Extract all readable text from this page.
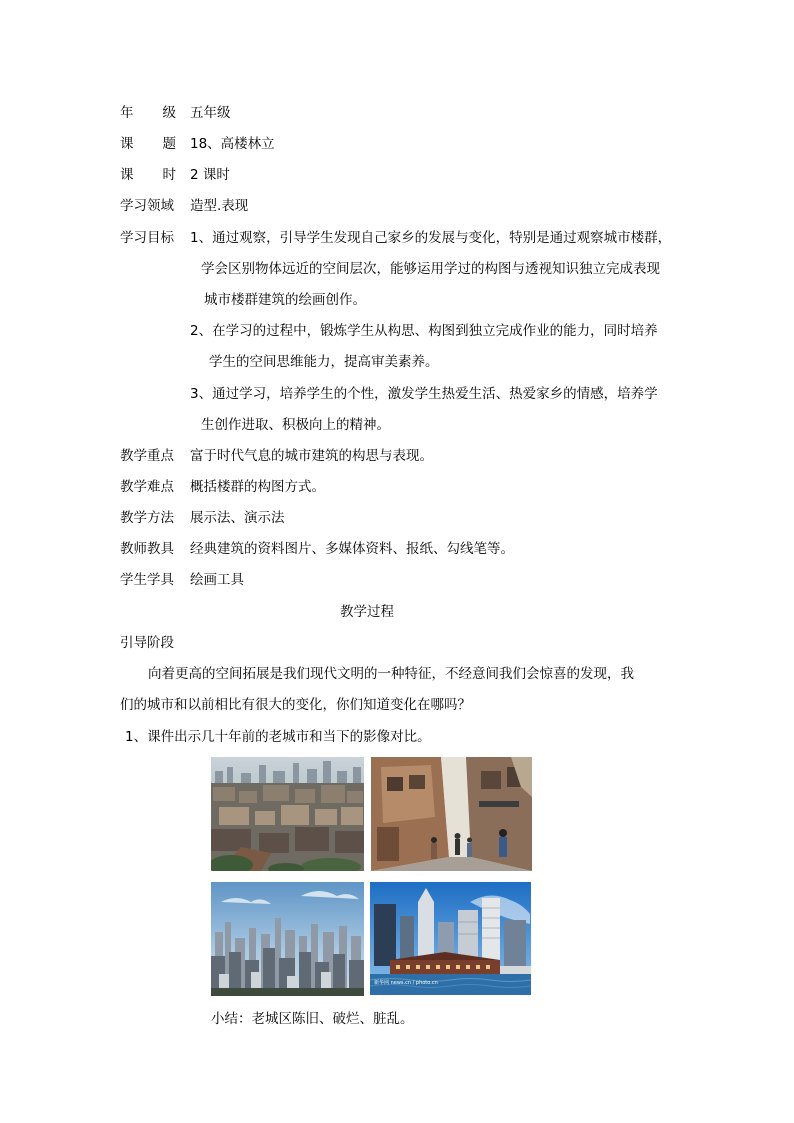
年 级 五年级
课 题 18、高楼林立
课 时 2 课时
学习领域 造型.表现
学习目标 1、通过观察，引导学生发现自己家乡的发展与变化，特别是通过观察城市楼群，
学会区别物体远近的空间层次，能够运用学过的构图与透视知识独立完成表现
城市楼群建筑的绘画创作。
2、在学习的过程中，锻炼学生从构思、构图到独立完成作业的能力，同时培养
学生的空间思维能力，提高审美素养。
3、通过学习，培养学生的个性，激发学生热爱生活、热爱家乡的情感，培养学
生创作进取、积极向上的精神。
教学重点 富于时代气息的城市建筑的构思与表现。
教学难点 概括楼群的构图方式。
教学方法 展示法、演示法
教师教具 经典建筑的资料图片、多媒体资料、报纸、勾线笔等。
学生学具 绘画工具
教学过程
引导阶段
向着更高的空间拓展是我们现代文明的一种特征，不经意间我们会惊喜的发现，我
们的城市和以前相比有很大的变化，你们知道变化在哪吗？
1、课件出示几十年前的老城市和当下的影像对比。
新华网 news.cn / photo.cn
小结：老城区陈旧、破烂、脏乱。
